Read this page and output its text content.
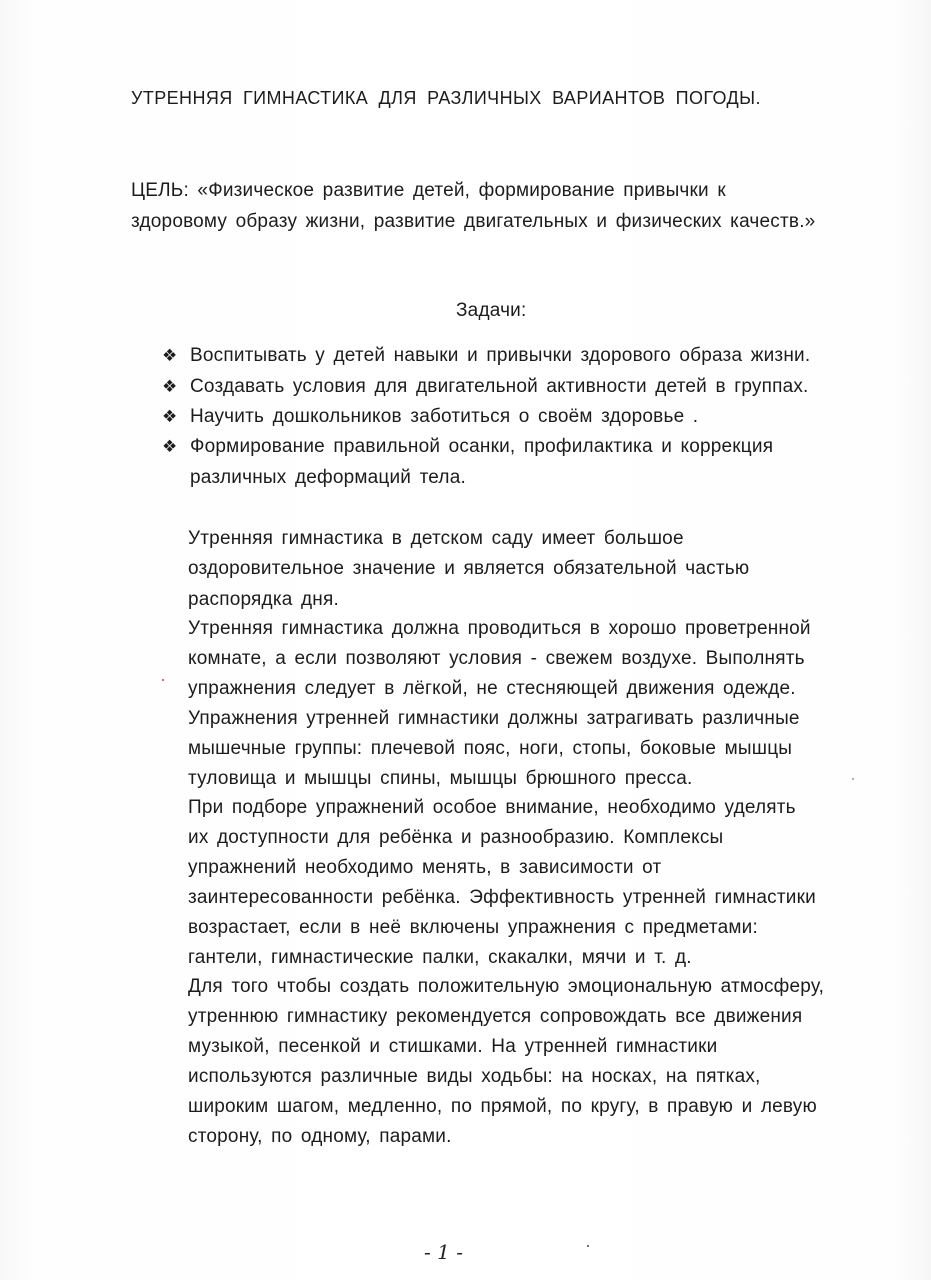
УТРЕННЯЯ ГИМНАСТИКА ДЛЯ РАЗЛИЧНЫХ ВАРИАНТОВ ПОГОДЫ.
ЦЕЛЬ: «Физическое развитие детей, формирование привычки к
здоровому образу жизни, развитие двигательных и физических качеств.»
Задачи:
❖ Воспитывать у детей навыки и привычки здорового образа жизни.
❖ Создавать условия для двигательной активности детей в группах.
❖ Научить дошкольников заботиться о своём здоровье .
❖ Формирование правильной осанки, профилактика и коррекция
различных деформаций тела.
Утренняя гимнастика в детском саду имеет большое
оздоровительное значение и является обязательной частью
распорядка дня.
Утренняя гимнастика должна проводиться в хорошо проветренной
комнате, а если позволяют условия - свежем воздухе. Выполнять
упражнения следует в лёгкой, не стесняющей движения одежде.
Упражнения утренней гимнастики должны затрагивать различные
мышечные группы: плечевой пояс, ноги, стопы, боковые мышцы
туловища и мышцы спины, мышцы брюшного пресса.
При подборе упражнений особое внимание, необходимо уделять
их доступности для ребёнка и разнообразию. Комплексы
упражнений необходимо менять, в зависимости от
заинтересованности ребёнка. Эффективность утренней гимнастики
возрастает, если в неё включены упражнения с предметами:
гантели, гимнастические палки, скакалки, мячи и т. д.
Для того чтобы создать положительную эмоциональную атмосферу,
утреннюю гимнастику рекомендуется сопровождать все движения
музыкой, песенкой и стишками. На утренней гимнастики
используются различные виды ходьбы: на носках, на пятках,
широким шагом, медленно, по прямой, по кругу, в правую и левую
сторону, по одному, парами.
- 1 -
